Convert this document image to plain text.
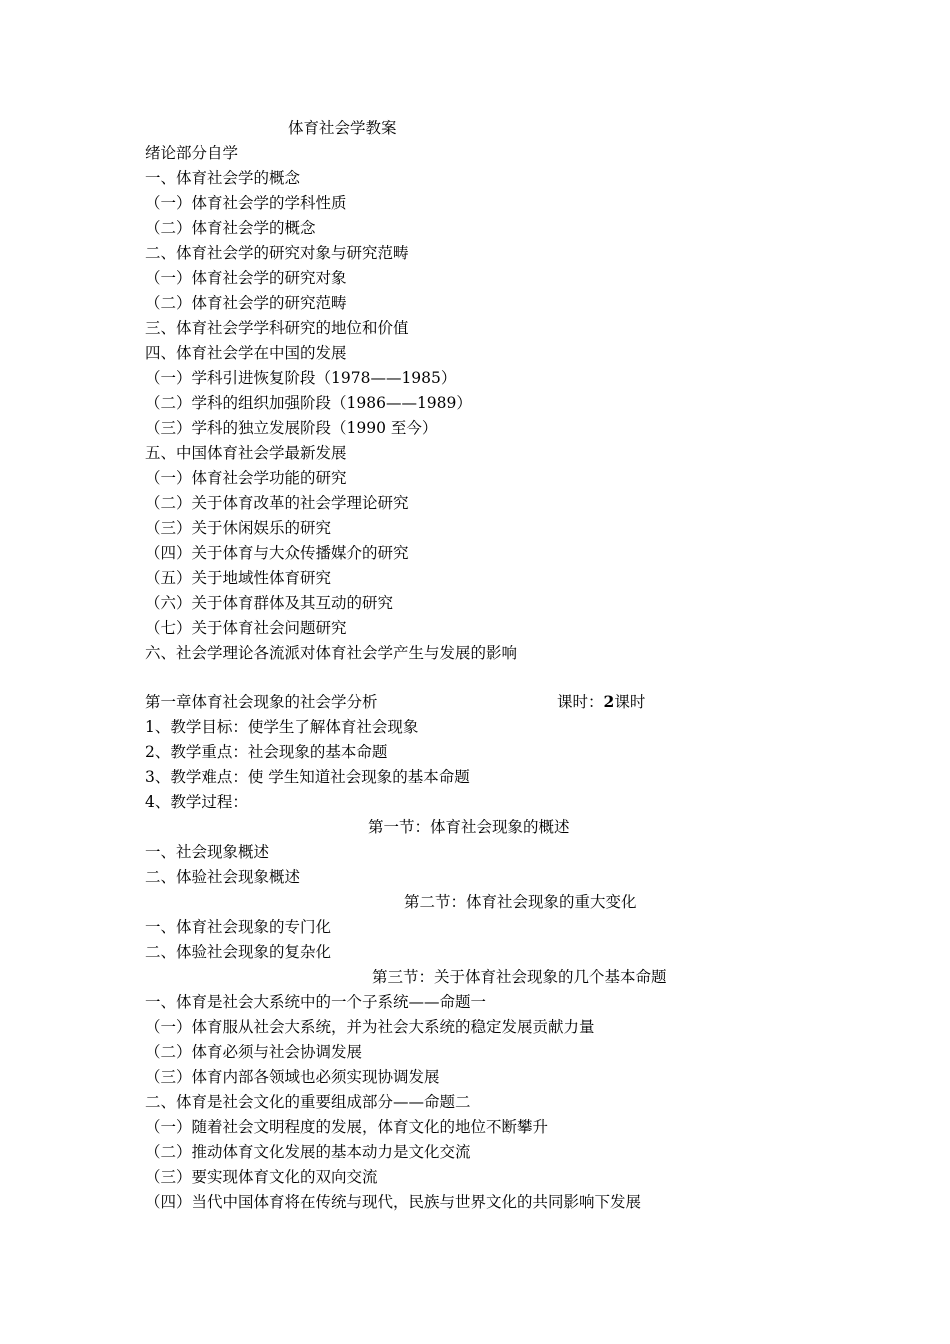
体育社会学教案
绪论部分自学
一、体育社会学的概念
（一）体育社会学的学科性质
（二）体育社会学的概念
二、体育社会学的研究对象与研究范畴
（一）体育社会学的研究对象
（二）体育社会学的研究范畴
三、体育社会学学科研究的地位和价值
四、体育社会学在中国的发展
（一）学科引进恢复阶段（1978——1985）
（二）学科的组织加强阶段（1986——1989）
（三）学科的独立发展阶段（1990 至今）
五、中国体育社会学最新发展
（一）体育社会学功能的研究
（二）关于体育改革的社会学理论研究
（三）关于休闲娱乐的研究
（四）关于体育与大众传播媒介的研究
（五）关于地域性体育研究
（六）关于体育群体及其互动的研究
（七）关于体育社会问题研究
六、社会学理论各流派对体育社会学产生与发展的影响
第一章体育社会现象的社会学分析	课时：2课时
1、教学目标：使学生了解体育社会现象
2、教学重点：社会现象的基本命题
3、教学难点：使 学生知道社会现象的基本命题
4、教学过程：
第一节：体育社会现象的概述
一、社会现象概述
二、体验社会现象概述
第二节：体育社会现象的重大变化
一、体育社会现象的专门化
二、体验社会现象的复杂化
第三节：关于体育社会现象的几个基本命题
一、体育是社会大系统中的一个子系统——命题一
（一）体育服从社会大系统，并为社会大系统的稳定发展贡献力量
（二）体育必须与社会协调发展
（三）体育内部各领域也必须实现协调发展
二、体育是社会文化的重要组成部分——命题二
（一）随着社会文明程度的发展，体育文化的地位不断攀升
（二）推动体育文化发展的基本动力是文化交流
（三）要实现体育文化的双向交流
（四）当代中国体育将在传统与现代，民族与世界文化的共同影响下发展
